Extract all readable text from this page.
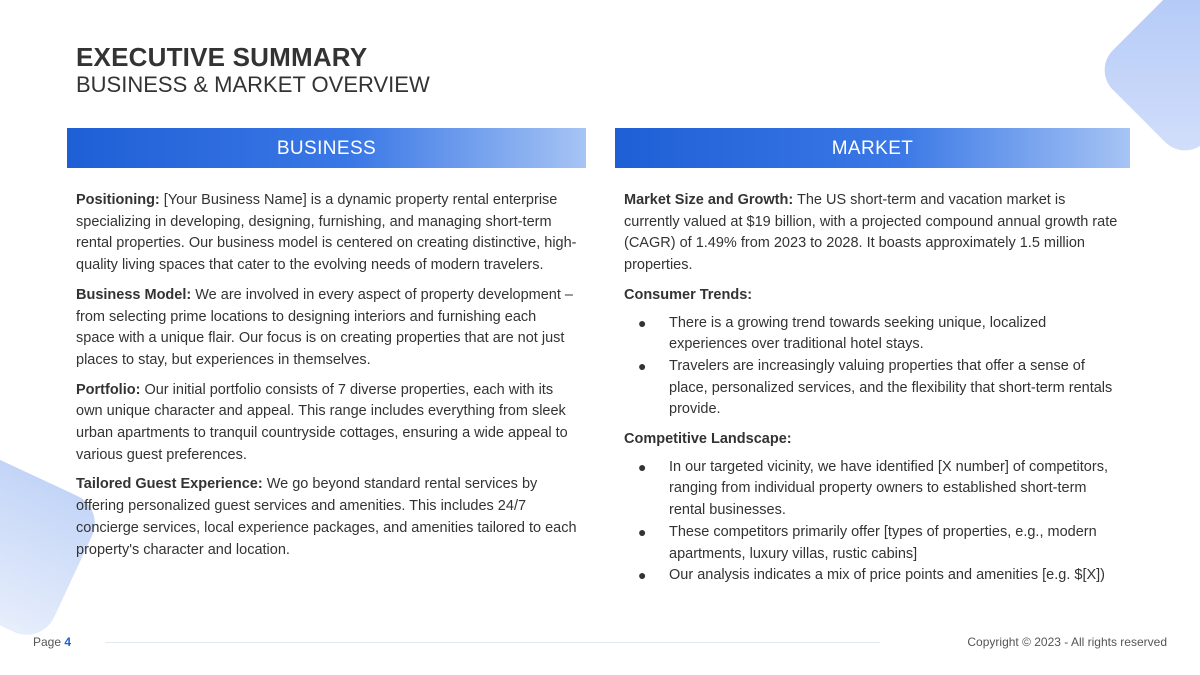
EXECUTIVE SUMMARY
BUSINESS & MARKET OVERVIEW
BUSINESS

Positioning: [Your Business Name] is a dynamic property rental enterprise specializing in developing, designing, furnishing, and managing short-term rental properties. Our business model is centered on creating distinctive, high-quality living spaces that cater to the evolving needs of modern travelers.

Business Model: We are involved in every aspect of property development – from selecting prime locations to designing interiors and furnishing each space with a unique flair. Our focus is on creating properties that are not just places to stay, but experiences in themselves.

Portfolio: Our initial portfolio consists of 7 diverse properties, each with its own unique character and appeal. This range includes everything from sleek urban apartments to tranquil countryside cottages, ensuring a wide appeal to various guest preferences.

Tailored Guest Experience: We go beyond standard rental services by offering personalized guest services and amenities. This includes 24/7 concierge services, local experience packages, and amenities tailored to each property's character and location.

MARKET

Market Size and Growth: The US short-term and vacation market is currently valued at $19 billion, with a projected compound annual growth rate (CAGR) of 1.49% from 2023 to 2028. It boasts approximately 1.5 million properties.

Consumer Trends:

● There is a growing trend towards seeking unique, localized experiences over traditional hotel stays.
● Travelers are increasingly valuing properties that offer a sense of place, personalized services, and the flexibility that short-term rentals provide.

Competitive Landscape:

● In our targeted vicinity, we have identified [X number] of competitors, ranging from individual property owners to established short-term rental businesses.
● These competitors primarily offer [types of properties, e.g., modern apartments, luxury villas, rustic cabins]
● Our analysis indicates a mix of price points and amenities [e.g. $[X])
Page 4	Copyright © 2023 - All rights reserved
